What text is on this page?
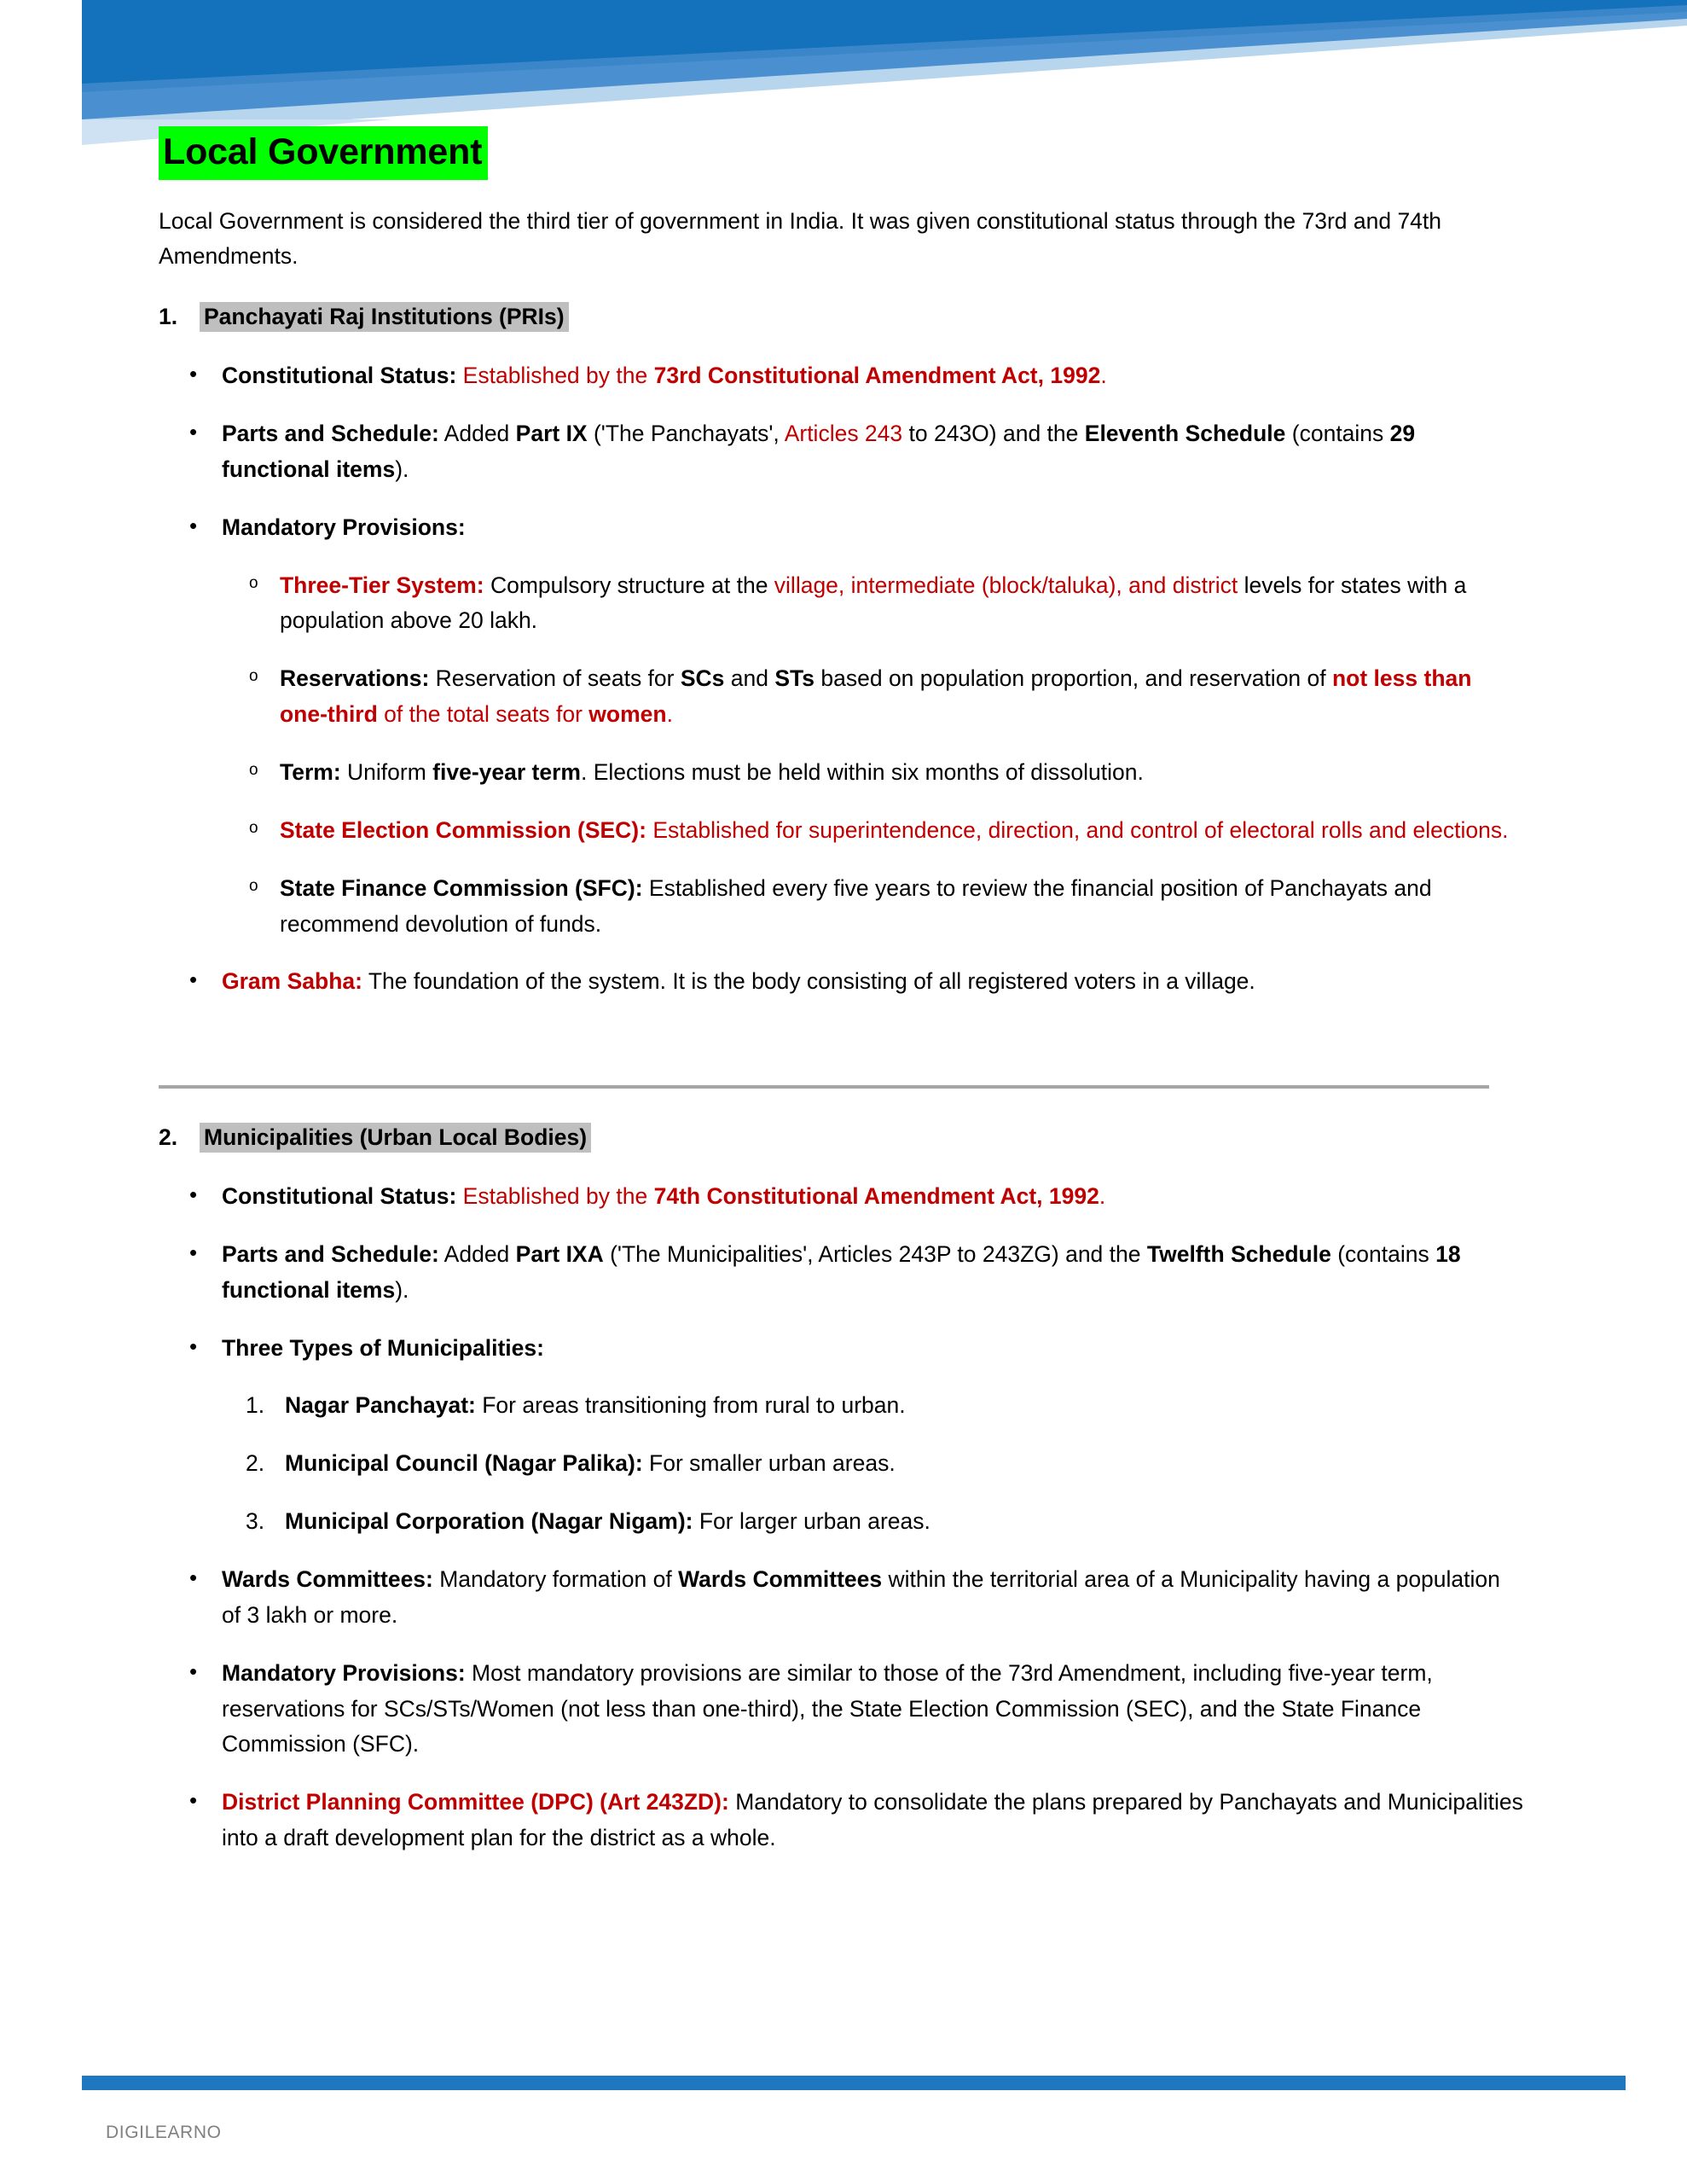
Local Government

Local Government is considered the third tier of government in India. It was given constitutional status through the 73rd and 74th Amendments.

1. Panchayati Raj Institutions (PRIs)
• Constitutional Status: Established by the 73rd Constitutional Amendment Act, 1992.
• Parts and Schedule: Added Part IX ('The Panchayats', Articles 243 to 243O) and the Eleventh Schedule (contains 29 functional items).
• Mandatory Provisions:
o Three-Tier System: Compulsory structure at the village, intermediate (block/taluka), and district levels for states with a population above 20 lakh.
o Reservations: Reservation of seats for SCs and STs based on population proportion, and reservation of not less than one-third of the total seats for women.
o Term: Uniform five-year term. Elections must be held within six months of dissolution.
o State Election Commission (SEC): Established for superintendence, direction, and control of electoral rolls and elections.
o State Finance Commission (SFC): Established every five years to review the financial position of Panchayats and recommend devolution of funds.
• Gram Sabha: The foundation of the system. It is the body consisting of all registered voters in a village.
2. Municipalities (Urban Local Bodies)
• Constitutional Status: Established by the 74th Constitutional Amendment Act, 1992.
• Parts and Schedule: Added Part IXA ('The Municipalities', Articles 243P to 243ZG) and the Twelfth Schedule (contains 18 functional items).
• Three Types of Municipalities:
Nagar Panchayat: For areas transitioning from rural to urban.
Municipal Council (Nagar Palika): For smaller urban areas.
Municipal Corporation (Nagar Nigam): For larger urban areas.
• Wards Committees: Mandatory formation of Wards Committees within the territorial area of a Municipality having a population of 3 lakh or more.
• Mandatory Provisions: Most mandatory provisions are similar to those of the 73rd Amendment, including five-year term, reservations for SCs/STs/Women (not less than one-third), the State Election Commission (SEC), and the State Finance Commission (SFC).
• District Planning Committee (DPC) (Art 243ZD): Mandatory to consolidate the plans prepared by Panchayats and Municipalities into a draft development plan for the district as a whole.
DIGILEARNO
